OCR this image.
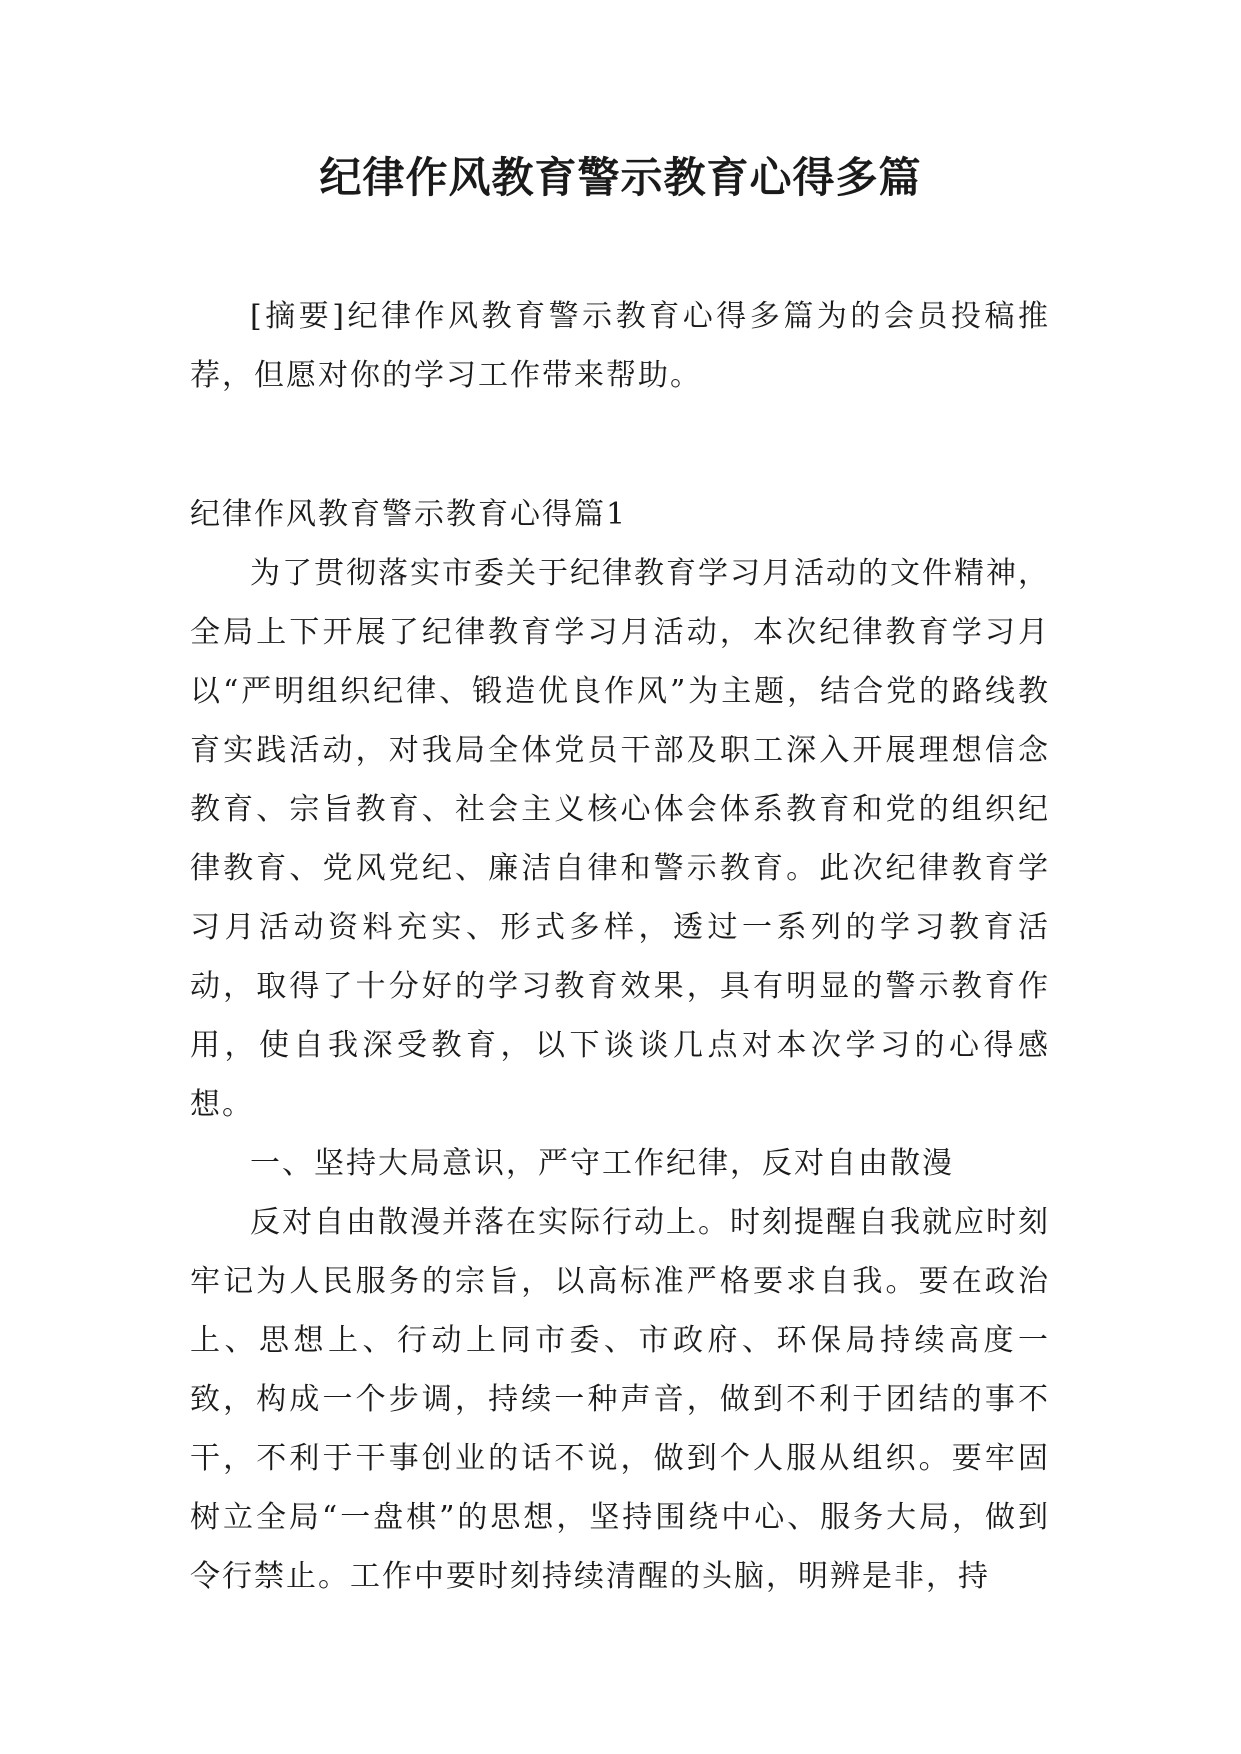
纪律作风教育警示教育心得多篇

[摘要]纪律作风教育警示教育心得多篇为的会员投稿推荐，但愿对你的学习工作带来帮助。

纪律作风教育警示教育心得篇1

为了贯彻落实市委关于纪律教育学习月活动的文件精神，全局上下开展了纪律教育学习月活动，本次纪律教育学习月以“严明组织纪律、锻造优良作风”为主题，结合党的路线教育实践活动，对我局全体党员干部及职工深入开展理想信念教育、宗旨教育、社会主义核心体会体系教育和党的组织纪律教育、党风党纪、廉洁自律和警示教育。此次纪律教育学习月活动资料充实、形式多样，透过一系列的学习教育活动，取得了十分好的学习教育效果，具有明显的警示教育作用，使自我深受教育，以下谈谈几点对本次学习的心得感想。

一、坚持大局意识，严守工作纪律，反对自由散漫

反对自由散漫并落在实际行动上。时刻提醒自我就应时刻牢记为人民服务的宗旨，以高标准严格要求自我。要在政治上、思想上、行动上同市委、市政府、环保局持续高度一致，构成一个步调，持续一种声音，做到不利于团结的事不干，不利于干事创业的话不说，做到个人服从组织。要牢固树立全局“一盘棋”的思想，坚持围绕中心、服务大局，做到令行禁止。工作中要时刻持续清醒的头脑，明辨是非，持
